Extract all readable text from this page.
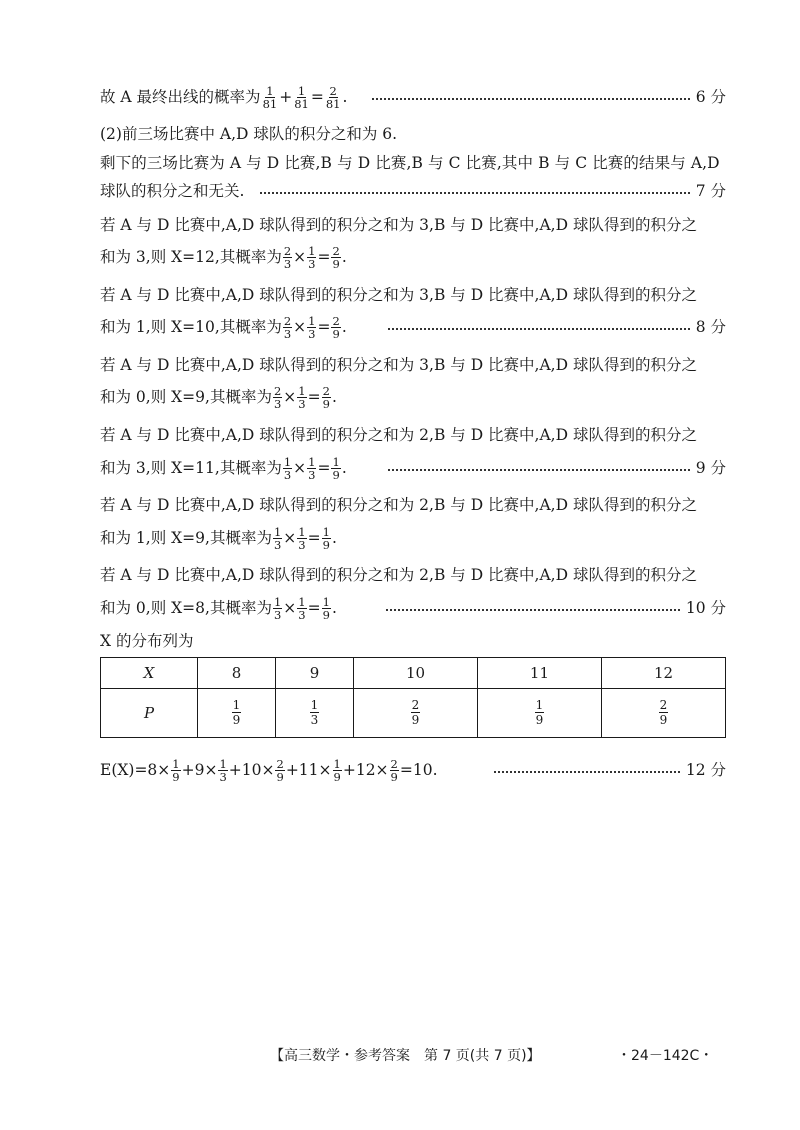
故 A 最终出线的概率为 $\frac{1}{81} + \frac{1}{81} = \frac{2}{81}$ .	6 分
(2)前三场比赛中 A,D 球队的积分之和为 6.
剩下的三场比赛为 A 与 D 比赛,B 与 D 比赛,B 与 C 比赛,其中 B 与 C 比赛的结果与 A,D
球队的积分之和无关.	7 分
若 A 与 D 比赛中,A,D 球队得到的积分之和为 3,B 与 D 比赛中,A,D 球队得到的积分之
和为 3,则 X=12,其概率为 $\frac{2}{3} \times \frac{1}{3} = \frac{2}{9}$ .
若 A 与 D 比赛中,A,D 球队得到的积分之和为 3,B 与 D 比赛中,A,D 球队得到的积分之
和为 1,则 X=10,其概率为 $\frac{2}{3} \times \frac{1}{3} = \frac{2}{9}$ .	8 分
若 A 与 D 比赛中,A,D 球队得到的积分之和为 3,B 与 D 比赛中,A,D 球队得到的积分之
和为 0,则 X=9,其概率为 $\frac{2}{3} \times \frac{1}{3} = \frac{2}{9}$ .
若 A 与 D 比赛中,A,D 球队得到的积分之和为 2,B 与 D 比赛中,A,D 球队得到的积分之
和为 3,则 X=11,其概率为 $\frac{1}{3} \times \frac{1}{3} = \frac{1}{9}$ .	9 分
若 A 与 D 比赛中,A,D 球队得到的积分之和为 2,B 与 D 比赛中,A,D 球队得到的积分之
和为 1,则 X=9,其概率为 $\frac{1}{3} \times \frac{1}{3} = \frac{1}{9}$ .
若 A 与 D 比赛中,A,D 球队得到的积分之和为 2,B 与 D 比赛中,A,D 球队得到的积分之
和为 0,则 X=8,其概率为 $\frac{1}{3} \times \frac{1}{3} = \frac{1}{9}$ .	10 分
X 的分布列为
X	8	9	10	11	12
P	$\frac{1}{9}$	$\frac{1}{3}$	$\frac{2}{9}$	$\frac{1}{9}$	$\frac{2}{9}$
$E(X)=8\times \frac{1}{9} +9\times \frac{1}{3} +10\times \frac{2}{9} +11\times \frac{1}{9} +12\times \frac{2}{9} =10$.	12 分
【高三数学・参考答案　第 7 页(共 7 页)】	・24－142C・
